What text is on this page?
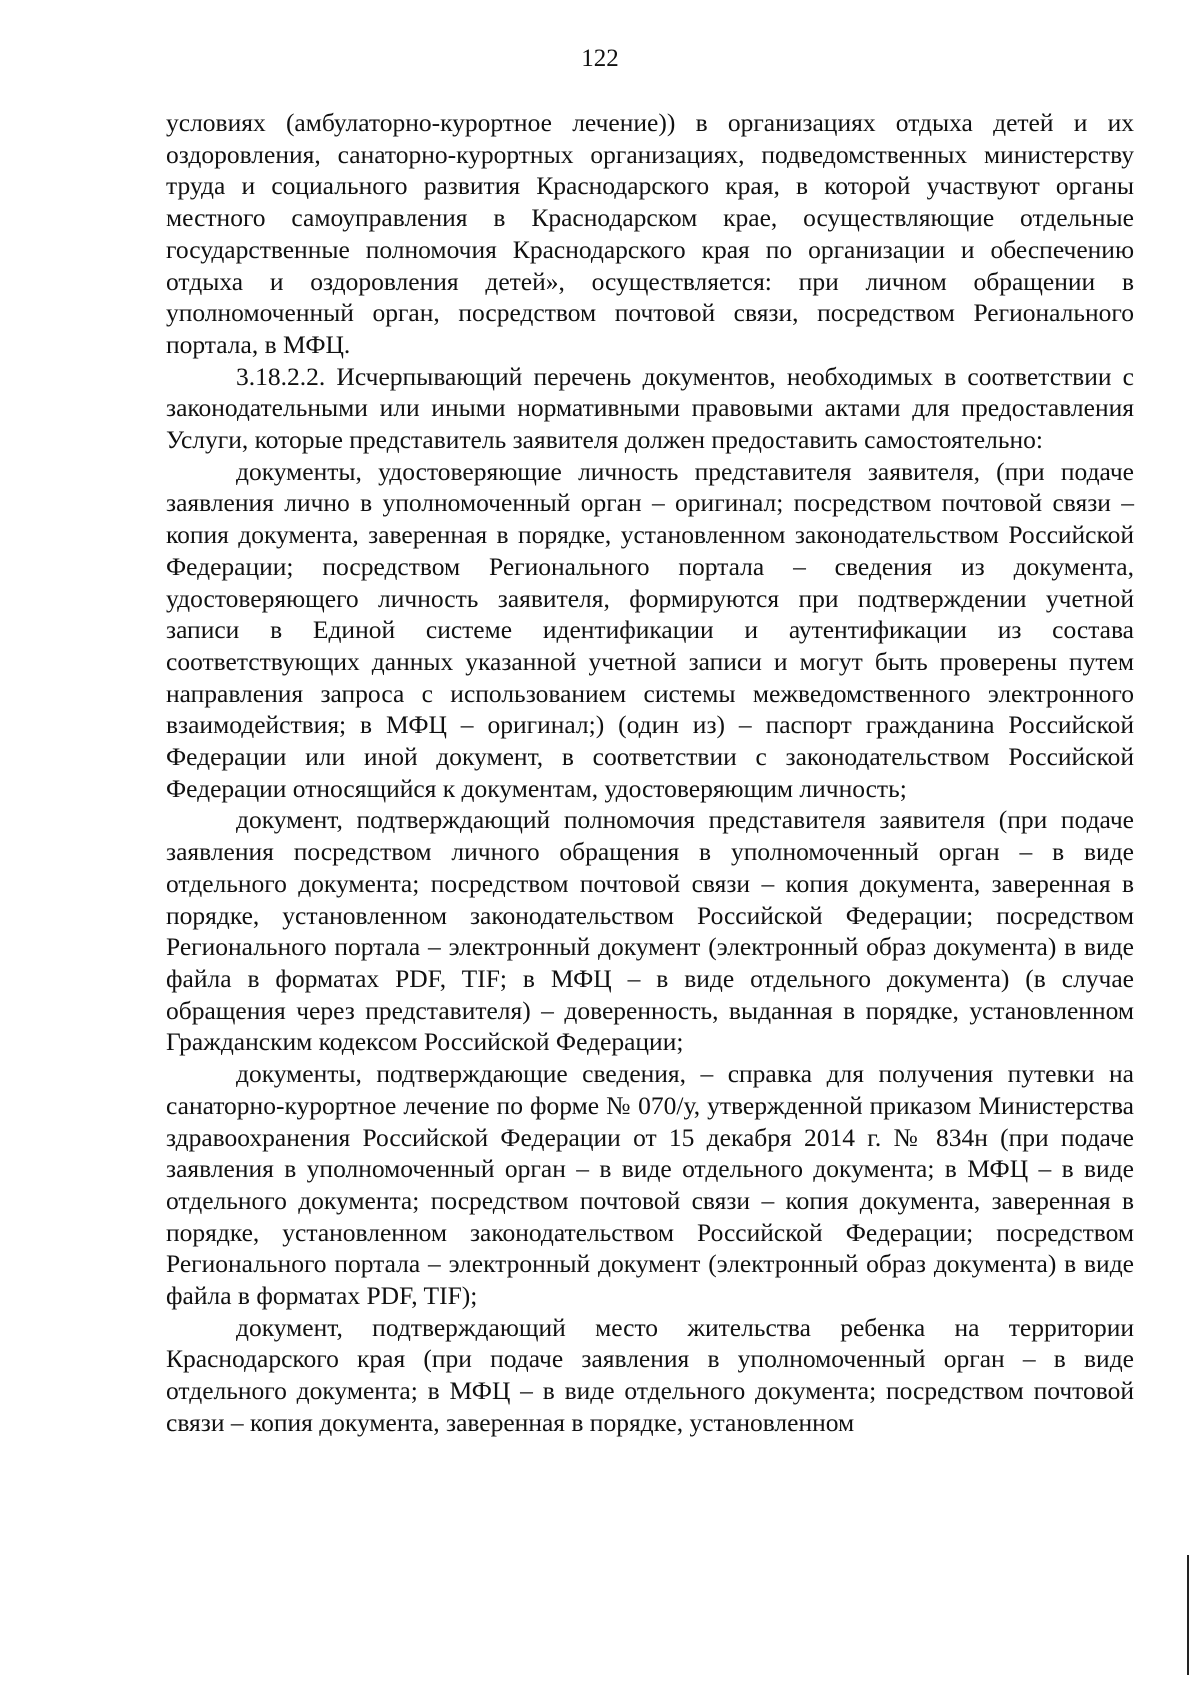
122

условиях (амбулаторно-курортное лечение)) в организациях отдыха детей и их оздоровления, санаторно-курортных организациях, подведомственных министерству труда и социального развития Краснодарского края, в которой участвуют органы местного самоуправления в Краснодарском крае, осуществляющие отдельные государственные полномочия Краснодарского края по организации и обеспечению отдыха и оздоровления детей», осуществляется: при личном обращении в уполномоченный орган, посредством почтовой связи, посредством Регионального портала, в МФЦ.

3.18.2.2. Исчерпывающий перечень документов, необходимых в соответствии с законодательными или иными нормативными правовыми актами для предоставления Услуги, которые представитель заявителя должен предоставить самостоятельно:

документы, удостоверяющие личность представителя заявителя, (при подаче заявления лично в уполномоченный орган – оригинал; посредством почтовой связи – копия документа, заверенная в порядке, установленном законодательством Российской Федерации; посредством Регионального портала – сведения из документа, удостоверяющего личность заявителя, формируются при подтверждении учетной записи в Единой системе идентификации и аутентификации из состава соответствующих данных указанной учетной записи и могут быть проверены путем направления запроса с использованием системы межведомственного электронного взаимодействия; в МФЦ – оригинал;) (один из) – паспорт гражданина Российской Федерации или иной документ, в соответствии с законодательством Российской Федерации относящийся к документам, удостоверяющим личность;

документ, подтверждающий полномочия представителя заявителя (при подаче заявления посредством личного обращения в уполномоченный орган – в виде отдельного документа; посредством почтовой связи – копия документа, заверенная в порядке, установленном законодательством Российской Федерации; посредством Регионального портала – электронный документ (электронный образ документа) в виде файла в форматах PDF, TIF; в МФЦ – в виде отдельного документа) (в случае обращения через представителя) – доверенность, выданная в порядке, установленном Гражданским кодексом Российской Федерации;

документы, подтверждающие сведения, – справка для получения путевки на санаторно-курортное лечение по форме № 070/у, утвержденной приказом Министерства здравоохранения Российской Федерации от 15 декабря 2014 г. № 834н (при подаче заявления в уполномоченный орган – в виде отдельного документа; в МФЦ – в виде отдельного документа; посредством почтовой связи – копия документа, заверенная в порядке, установленном законодательством Российской Федерации; посредством Регионального портала – электронный документ (электронный образ документа) в виде файла в форматах PDF, TIF);

документ, подтверждающий место жительства ребенка на территории Краснодарского края (при подаче заявления в уполномоченный орган – в виде отдельного документа; в МФЦ – в виде отдельного документа; посредством почтовой связи – копия документа, заверенная в порядке, установленном
